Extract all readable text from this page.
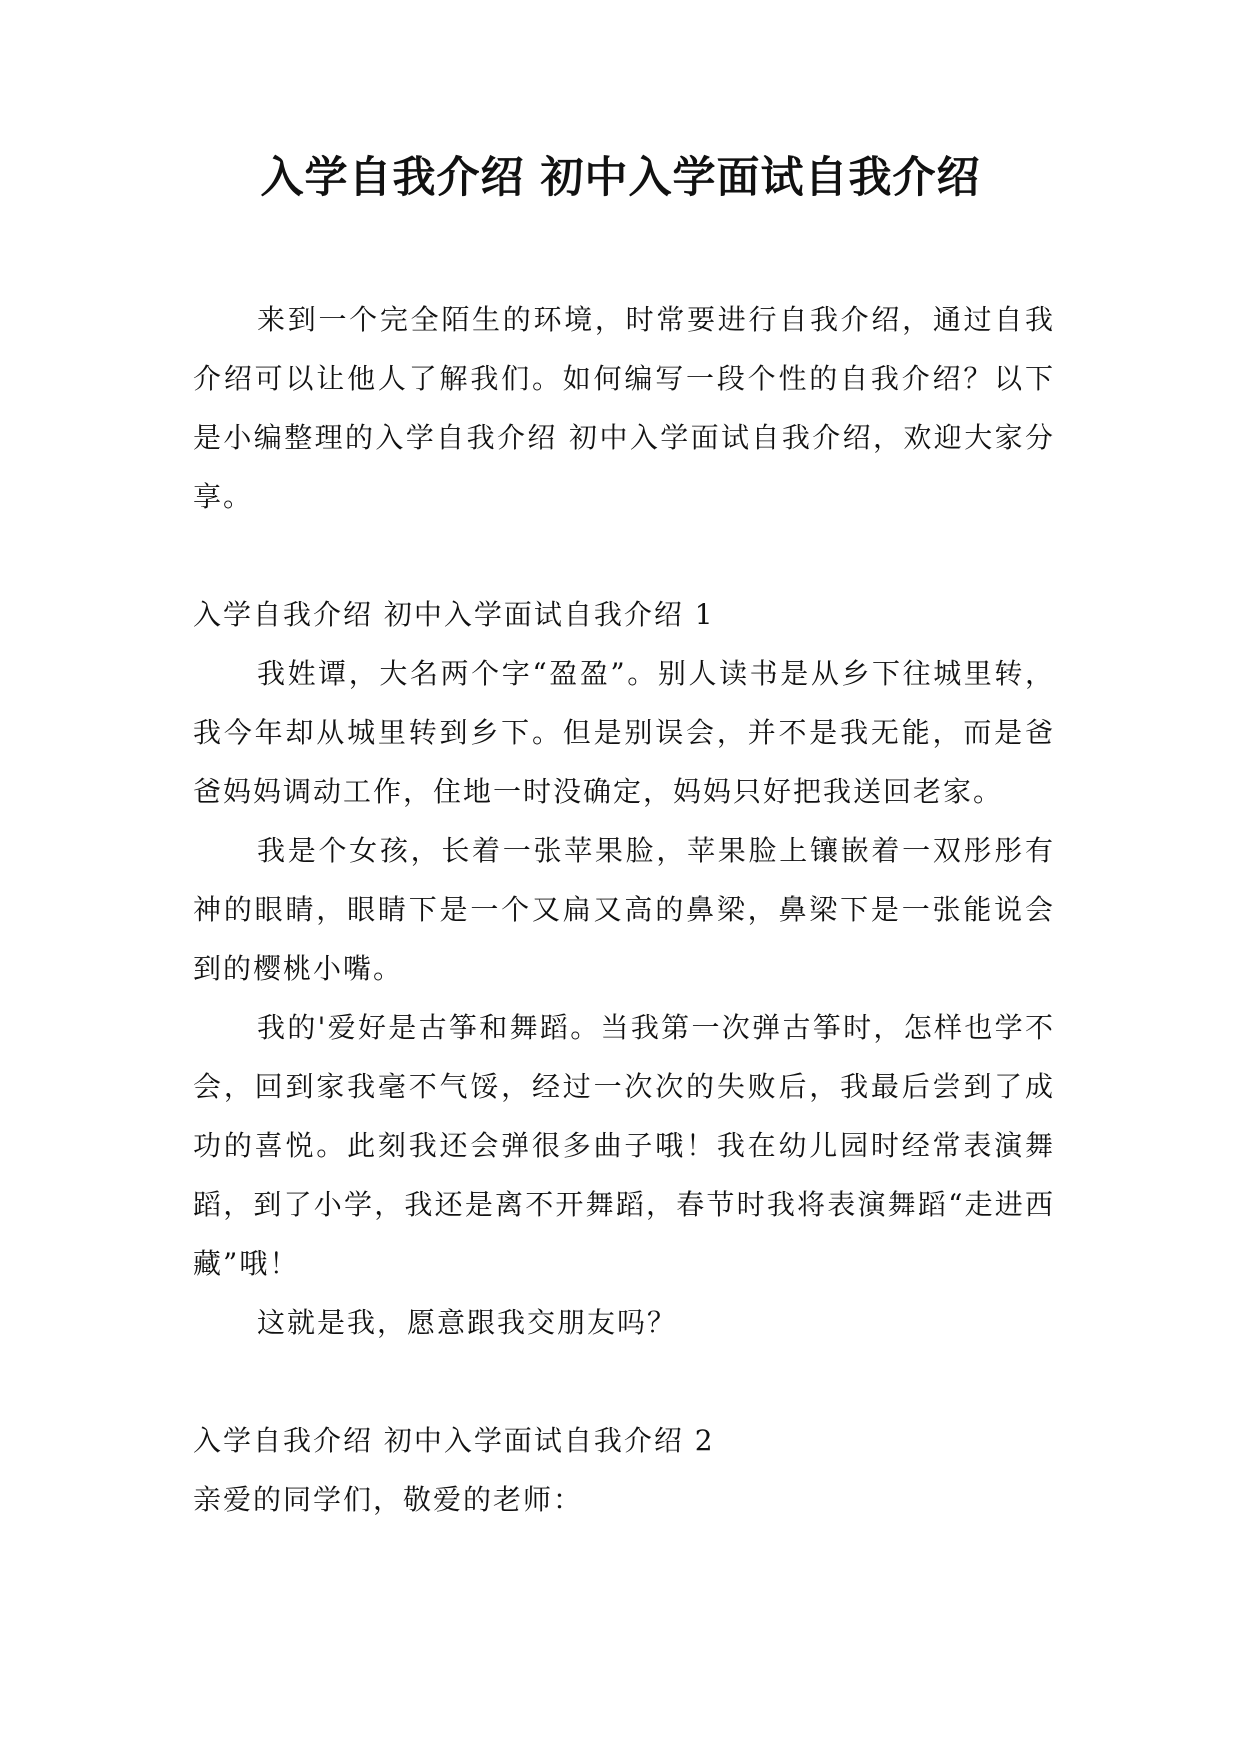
入学自我介绍 初中入学面试自我介绍

来到一个完全陌生的环境，时常要进行自我介绍，通过自我介绍可以让他人了解我们。如何编写一段个性的自我介绍？以下是小编整理的入学自我介绍 初中入学面试自我介绍，欢迎大家分享。

入学自我介绍 初中入学面试自我介绍 1

我姓谭，大名两个字“盈盈”。别人读书是从乡下往城里转，我今年却从城里转到乡下。但是别误会，并不是我无能，而是爸爸妈妈调动工作，住地一时没确定，妈妈只好把我送回老家。

我是个女孩，长着一张苹果脸，苹果脸上镶嵌着一双彤彤有神的眼睛，眼睛下是一个又扁又高的鼻梁，鼻梁下是一张能说会到的樱桃小嘴。

我的'爱好是古筝和舞蹈。当我第一次弹古筝时，怎样也学不会，回到家我毫不气馁，经过一次次的失败后，我最后尝到了成功的喜悦。此刻我还会弹很多曲子哦！我在幼儿园时经常表演舞蹈，到了小学，我还是离不开舞蹈，春节时我将表演舞蹈“走进西藏”哦！

这就是我，愿意跟我交朋友吗？

入学自我介绍 初中入学面试自我介绍 2

亲爱的同学们，敬爱的老师：
